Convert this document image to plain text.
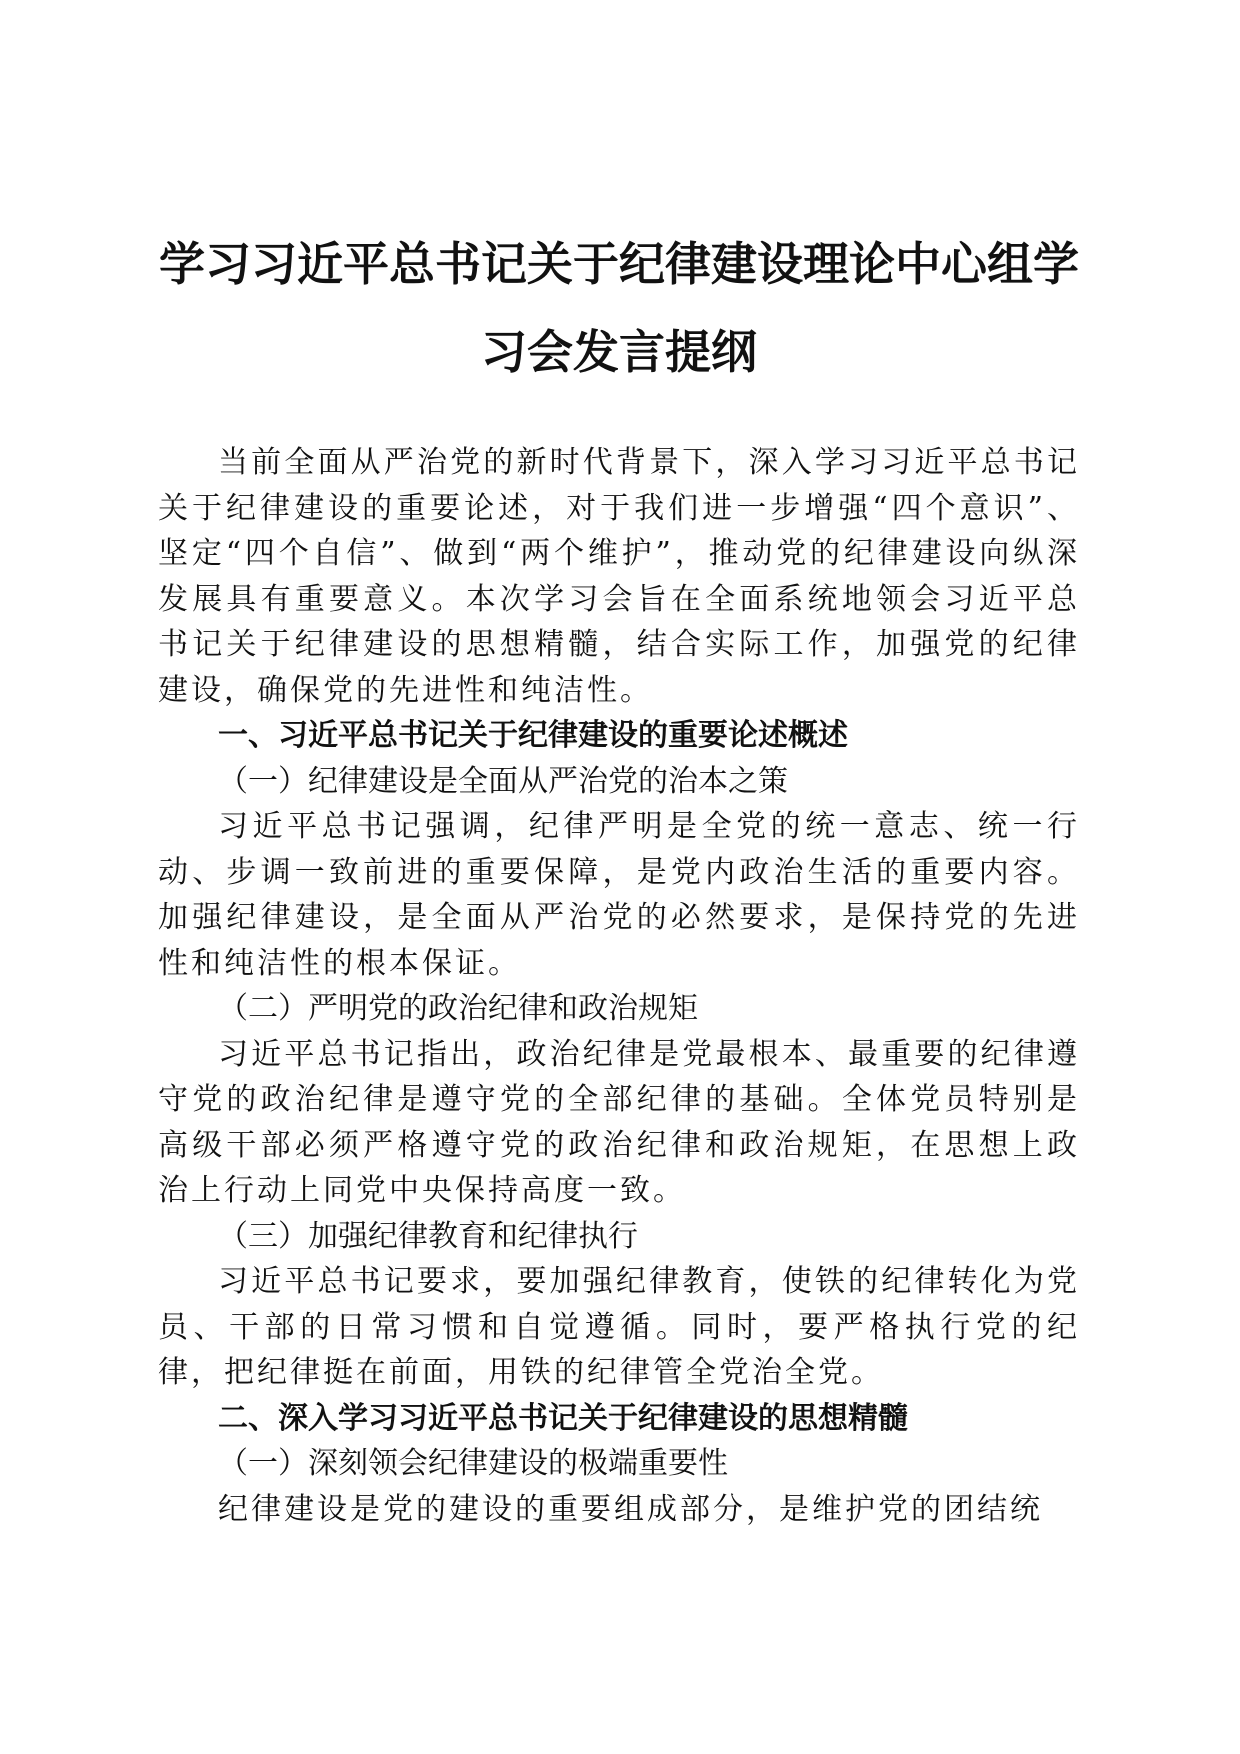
学习习近平总书记关于纪律建设理论中心组学
习会发言提纲

当前全面从严治党的新时代背景下，深入学习习近平总书记关于纪律建设的重要论述，对于我们进一步增强“四个意识”、坚定“四个自信”、做到“两个维护”，推动党的纪律建设向纵深发展具有重要意义。本次学习会旨在全面系统地领会习近平总书记关于纪律建设的思想精髓，结合实际工作，加强党的纪律建设，确保党的先进性和纯洁性。

一、习近平总书记关于纪律建设的重要论述概述

（一）纪律建设是全面从严治党的治本之策

习近平总书记强调，纪律严明是全党的统一意志、统一行动、步调一致前进的重要保障，是党内政治生活的重要内容。加强纪律建设，是全面从严治党的必然要求，是保持党的先进性和纯洁性的根本保证。

（二）严明党的政治纪律和政治规矩

习近平总书记指出，政治纪律是党最根本、最重要的纪律遵守党的政治纪律是遵守党的全部纪律的基础。全体党员特别是高级干部必须严格遵守党的政治纪律和政治规矩，在思想上政治上行动上同党中央保持高度一致。

（三）加强纪律教育和纪律执行

习近平总书记要求，要加强纪律教育，使铁的纪律转化为党员、干部的日常习惯和自觉遵循。同时，要严格执行党的纪律，把纪律挺在前面，用铁的纪律管全党治全党。

二、深入学习习近平总书记关于纪律建设的思想精髓

（一）深刻领会纪律建设的极端重要性

纪律建设是党的建设的重要组成部分，是维护党的团结统
